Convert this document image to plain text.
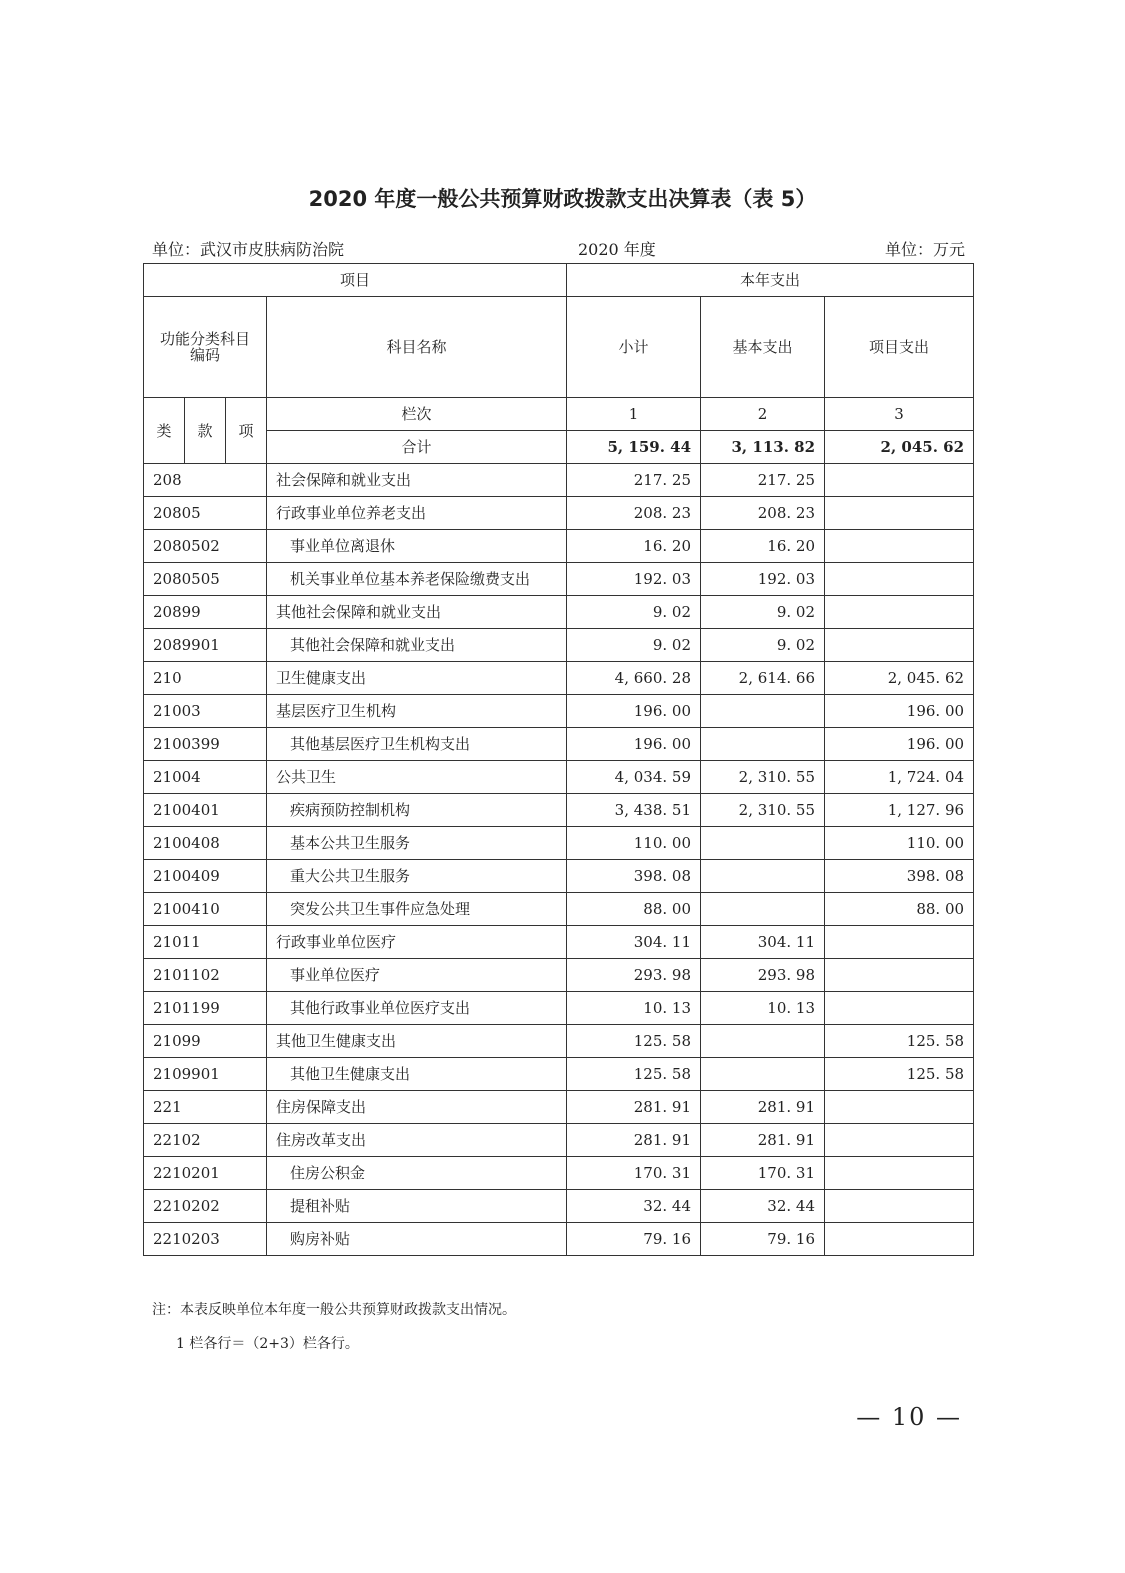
2020 年度一般公共预算财政拨款支出决算表（表 5）
单位：武汉市皮肤病防治院	2020 年度	单位：万元
项目				本年支出		
功能分类科目编码			科目名称	小计	基本支出	项目支出
类	款	项	栏次	1	2	3
			合计	5, 159. 44	3, 113. 82	2, 045. 62
208			社会保障和就业支出	217. 25	217. 25	
20805			行政事业单位养老支出	208. 23	208. 23	
2080502			事业单位离退休	16. 20	16. 20	
2080505			机关事业单位基本养老保险缴费支出	192. 03	192. 03	
20899			其他社会保障和就业支出	9. 02	9. 02	
2089901			其他社会保障和就业支出	9. 02	9. 02	
210			卫生健康支出	4, 660. 28	2, 614. 66	2, 045. 62
21003			基层医疗卫生机构	196. 00		196. 00
2100399			其他基层医疗卫生机构支出	196. 00		196. 00
21004			公共卫生	4, 034. 59	2, 310. 55	1, 724. 04
2100401			疾病预防控制机构	3, 438. 51	2, 310. 55	1, 127. 96
2100408			基本公共卫生服务	110. 00		110. 00
2100409			重大公共卫生服务	398. 08		398. 08
2100410			突发公共卫生事件应急处理	88. 00		88. 00
21011			行政事业单位医疗	304. 11	304. 11	
2101102			事业单位医疗	293. 98	293. 98	
2101199			其他行政事业单位医疗支出	10. 13	10. 13	
21099			其他卫生健康支出	125. 58		125. 58
2109901			其他卫生健康支出	125. 58		125. 58
221			住房保障支出	281. 91	281. 91	
22102			住房改革支出	281. 91	281. 91	
2210201			住房公积金	170. 31	170. 31	
2210202			提租补贴	32. 44	32. 44	
2210203			购房补贴	79. 16	79. 16	
注：本表反映单位本年度一般公共预算财政拨款支出情况。
1 栏各行＝（2+3）栏各行。
— 10 —
